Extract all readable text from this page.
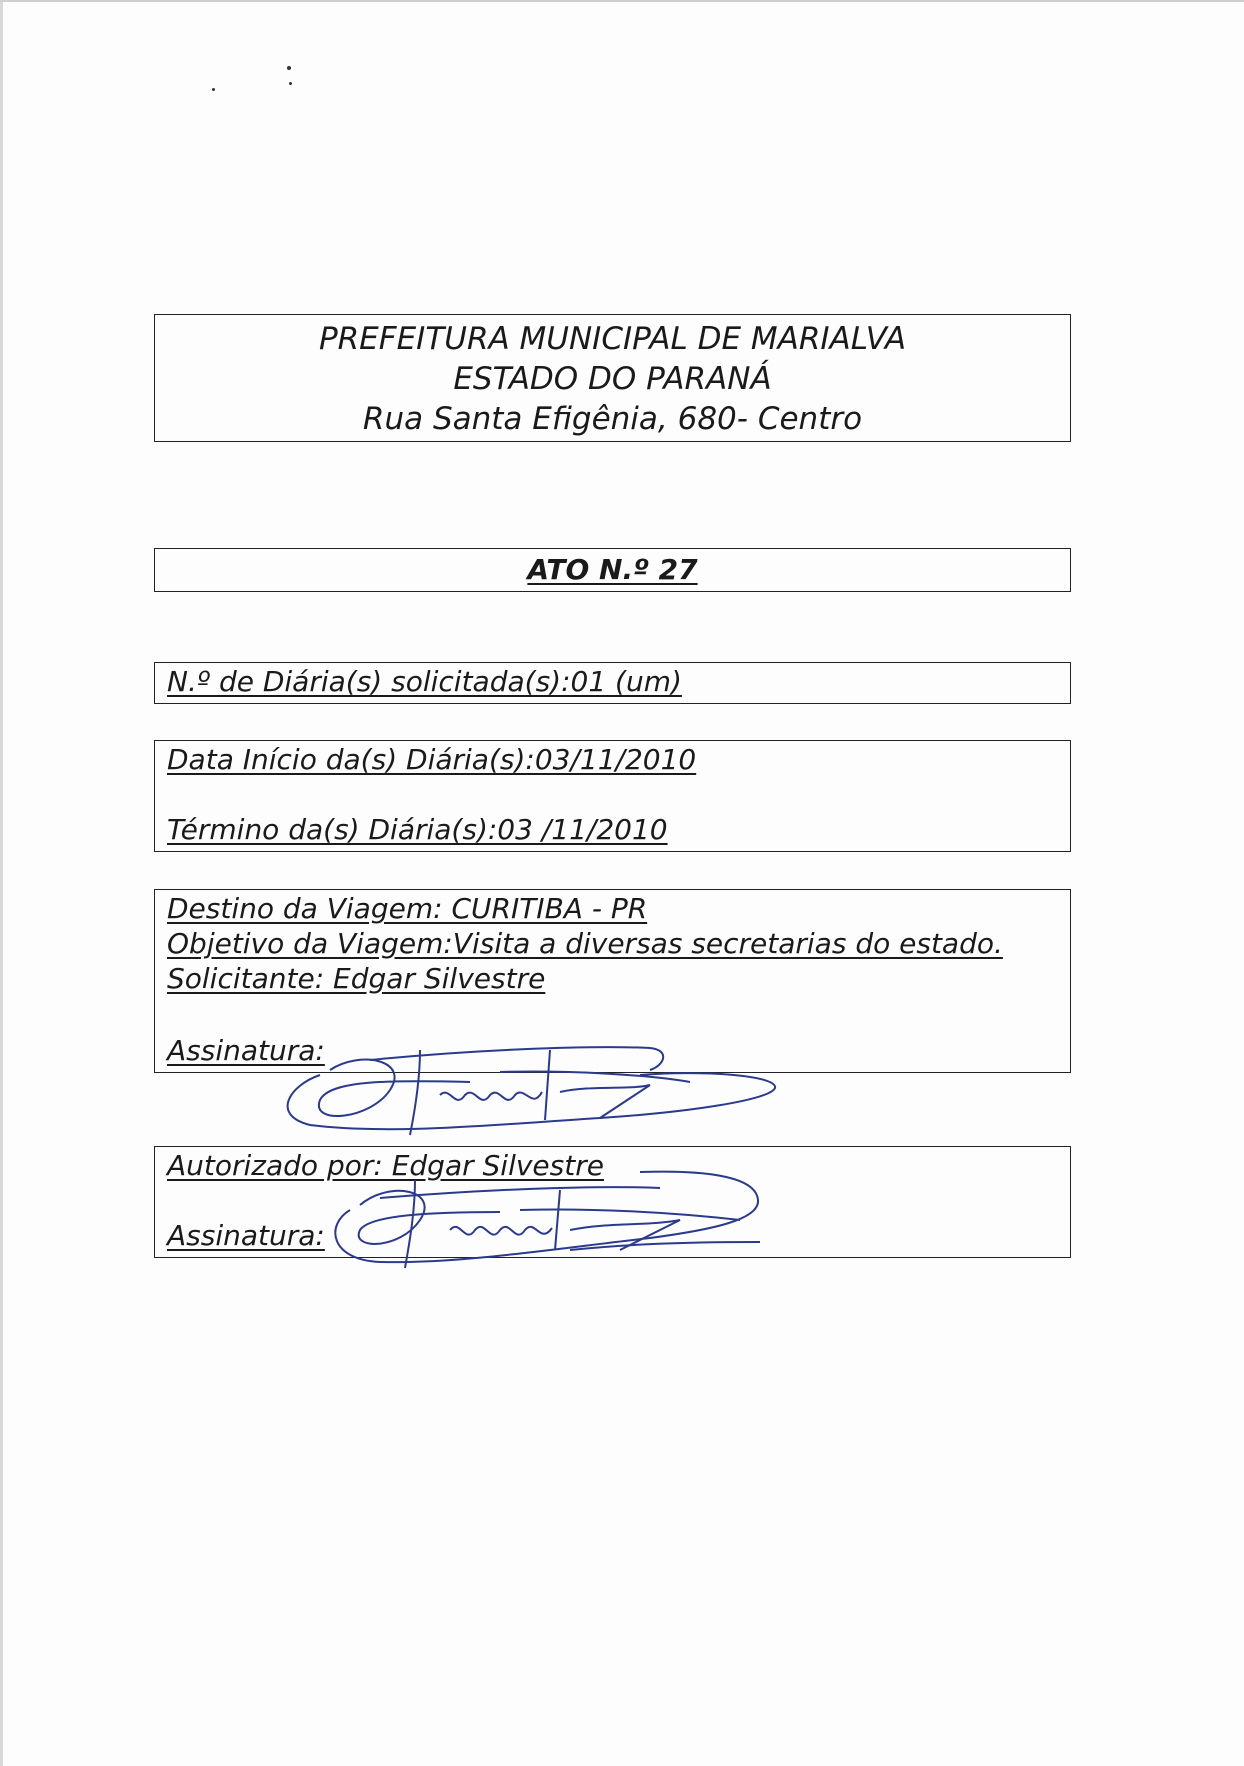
PREFEITURA MUNICIPAL DE MARIALVA
ESTADO DO PARANÁ
Rua Santa Efigênia, 680- Centro
ATO N.º 27
N.º de Diária(s) solicitada(s):01 (um)
Data Início da(s) Diária(s):03/11/2010
Término da(s) Diária(s):03 /11/2010
Destino da Viagem: CURITIBA - PR
Objetivo da Viagem:Visita a diversas secretarias do estado.
Solicitante: Edgar Silvestre
Assinatura:
Autorizado por: Edgar Silvestre
Assinatura:
